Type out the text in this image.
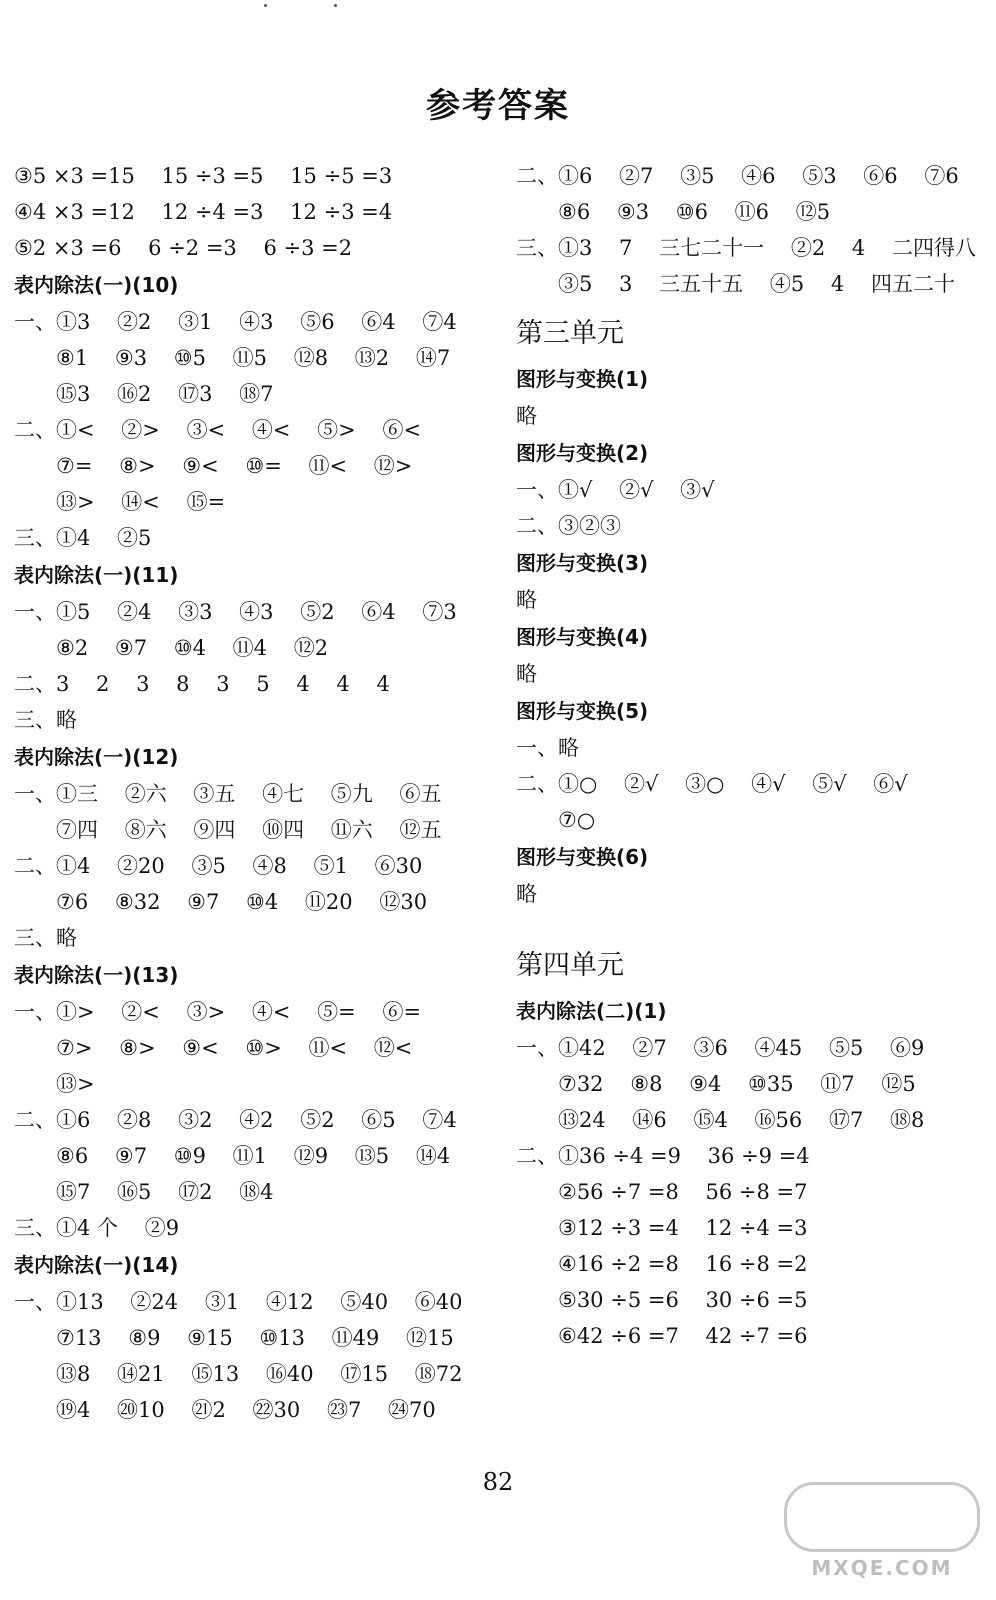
参考答案
③5 ×3 =15    15 ÷3 =5    15 ÷5 =3
④4 ×3 =12    12 ÷4 =3    12 ÷3 =4
⑤2 ×3 =6    6 ÷2 =3    6 ÷3 =2
表内除法(一)(10)
一、①3    ②2    ③1    ④3    ⑤6    ⑥4    ⑦4
⑧1    ⑨3    ⑩5    ⑪5    ⑫8    ⑬2    ⑭7
⑮3    ⑯2    ⑰3    ⑱7
二、①<    ②>    ③<    ④<    ⑤>    ⑥<
⑦=    ⑧>    ⑨<    ⑩=    ⑪<    ⑫>
⑬>    ⑭<    ⑮=
三、①4    ②5
表内除法(一)(11)
一、①5    ②4    ③3    ④3    ⑤2    ⑥4    ⑦3
⑧2    ⑨7    ⑩4    ⑪4    ⑫2
二、3    2    3    8    3    5    4    4    4
三、略
表内除法(一)(12)
一、①三    ②六    ③五    ④七    ⑤九    ⑥五
⑦四    ⑧六    ⑨四    ⑩四    ⑪六    ⑫五
二、①4    ②20    ③5    ④8    ⑤1    ⑥30
⑦6    ⑧32    ⑨7    ⑩4    ⑪20    ⑫30
三、略
表内除法(一)(13)
一、①>    ②<    ③>    ④<    ⑤=    ⑥=
⑦>    ⑧>    ⑨<    ⑩>    ⑪<    ⑫<
⑬>
二、①6    ②8    ③2    ④2    ⑤2    ⑥5    ⑦4
⑧6    ⑨7    ⑩9    ⑪1    ⑫9    ⑬5    ⑭4
⑮7    ⑯5    ⑰2    ⑱4
三、①4 个    ②9
表内除法(一)(14)
一、①13    ②24    ③1    ④12    ⑤40    ⑥40
⑦13    ⑧9    ⑨15    ⑩13    ⑪49    ⑫15
⑬8    ⑭21    ⑮13    ⑯40    ⑰15    ⑱72
⑲4    ⑳10    ㉑2    ㉒30    ㉓7    ㉔70
二、①6    ②7    ③5    ④6    ⑤3    ⑥6    ⑦6
⑧6    ⑨3    ⑩6    ⑪6    ⑫5
三、①3    7    三七二十一    ②2    4    二四得八
③5    3    三五十五    ④5    4    四五二十
第三单元
图形与变换(1)
略
图形与变换(2)
一、①√    ②√    ③√
二、③②③
图形与变换(3)
略
图形与变换(4)
略
图形与变换(5)
一、略
二、①○    ②√    ③○    ④√    ⑤√    ⑥√
⑦○
图形与变换(6)
略
第四单元
表内除法(二)(1)
一、①42    ②7    ③6    ④45    ⑤5    ⑥9
⑦32    ⑧8    ⑨4    ⑩35    ⑪7    ⑫5
⑬24    ⑭6    ⑮4    ⑯56    ⑰7    ⑱8
二、①36 ÷4 =9    36 ÷9 =4
②56 ÷7 =8    56 ÷8 =7
③12 ÷3 =4    12 ÷4 =3
④16 ÷2 =8    16 ÷8 =2
⑤30 ÷5 =6    30 ÷6 =5
⑥42 ÷6 =7    42 ÷7 =6
82
MXQE.COM
